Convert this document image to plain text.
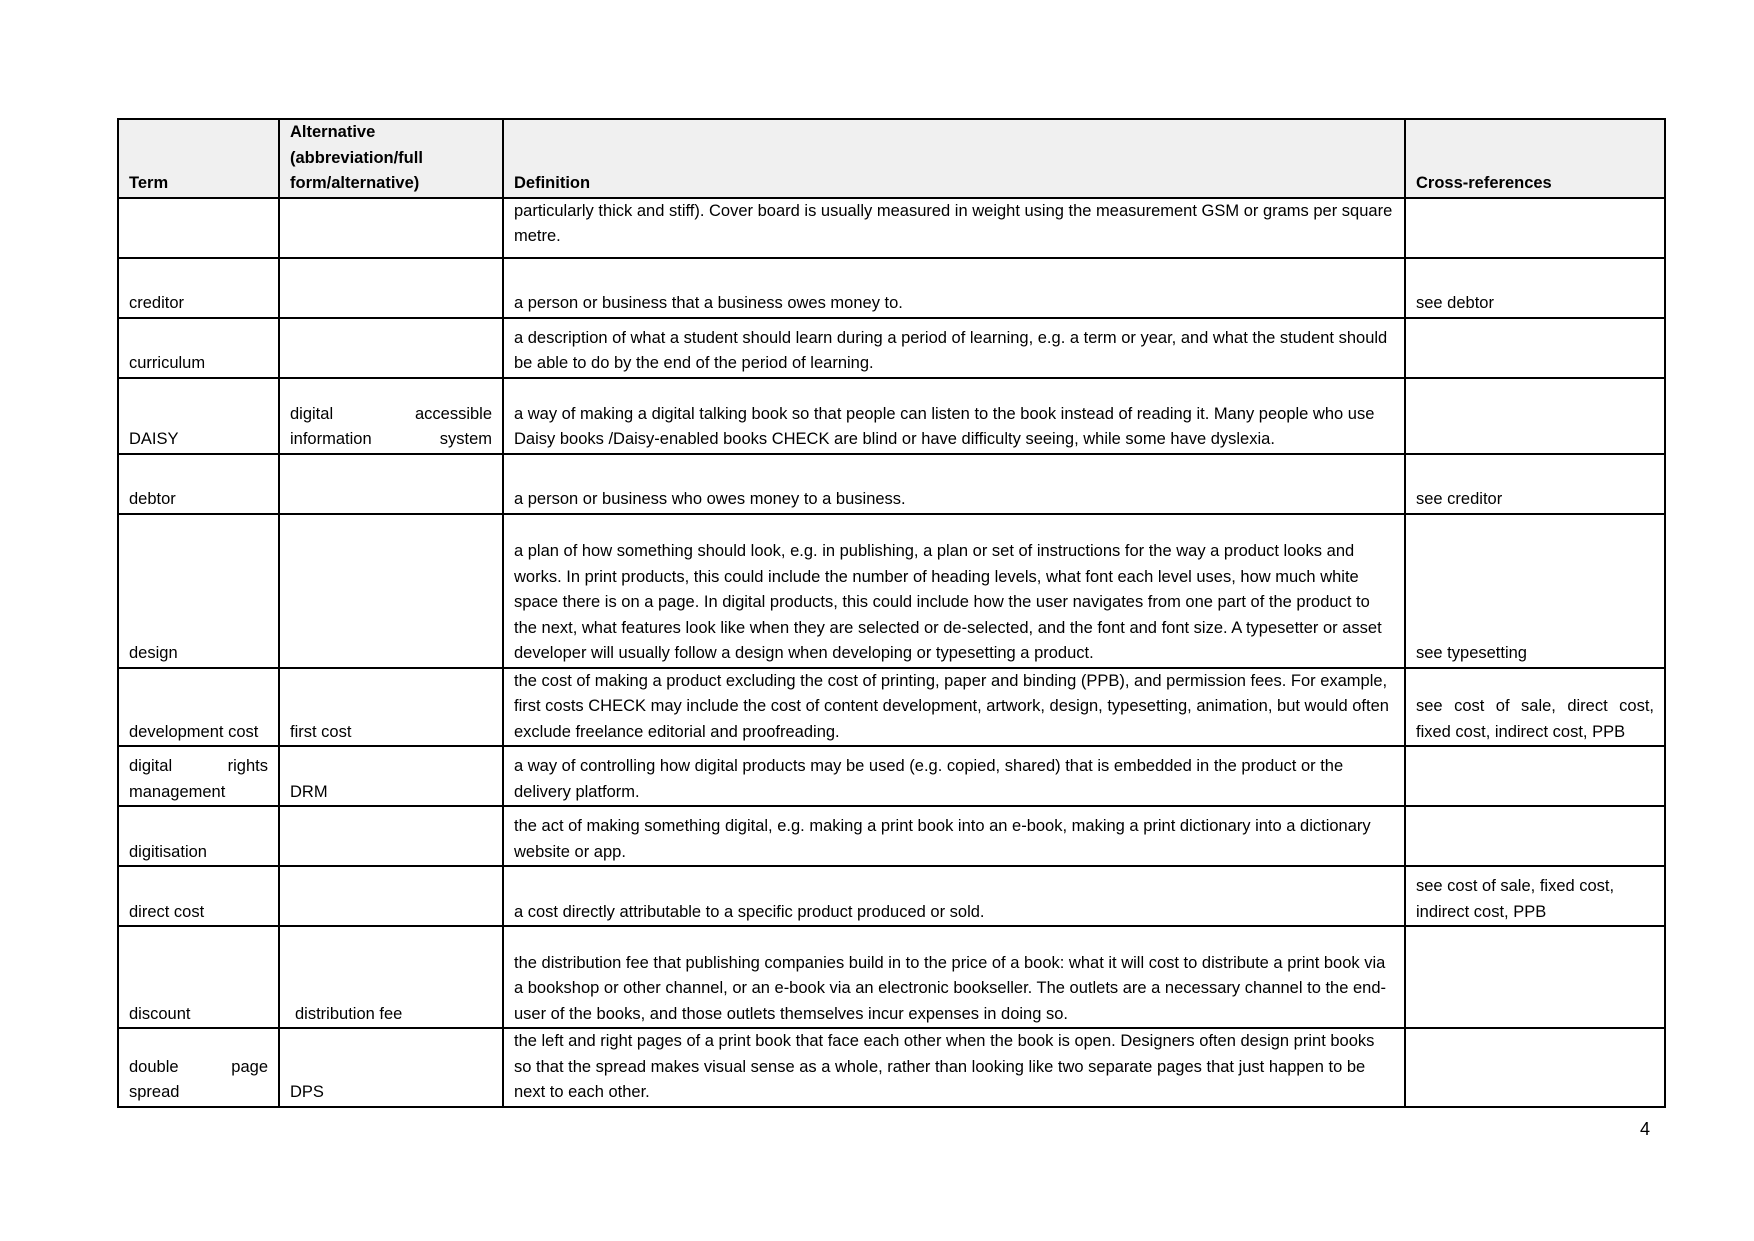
Term	Alternative (abbreviation/full form/alternative)	Definition	Cross-references
		particularly thick and stiff). Cover board is usually measured in weight using the measurement GSM or grams per square metre.	
creditor		a person or business that a business owes money to.	see debtor
curriculum		a description of what a student should learn during a period of learning, e.g. a term or year, and what the student should be able to do by the end of the period of learning.	
DAISY	digital accessible information system	a way of making a digital talking book so that people can listen to the book instead of reading it. Many people who use Daisy books /Daisy-enabled books CHECK are blind or have difficulty seeing, while some have dyslexia.	
debtor		a person or business who owes money to a business.	see creditor
design		a plan of how something should look, e.g. in publishing, a plan or set of instructions for the way a product looks and works. In print products, this could include the number of heading levels, what font each level uses, how much white space there is on a page. In digital products, this could include how the user navigates from one part of the product to the next, what features look like when they are selected or de-selected, and the font and font size. A typesetter or asset developer will usually follow a design when developing or typesetting a product.	see typesetting
development cost	first cost	the cost of making a product excluding the cost of printing, paper and binding (PPB), and permission fees. For example, first costs CHECK may include the cost of content development, artwork, design, typesetting, animation, but would often exclude freelance editorial and proofreading.	see cost of sale, direct cost, fixed cost, indirect cost, PPB
digital rights management	DRM	a way of controlling how digital products may be used (e.g. copied, shared) that is embedded in the product or the delivery platform.	
digitisation		the act of making something digital, e.g. making a print book into an e-book, making a print dictionary into a dictionary website or app.	
direct cost		a cost directly attributable to a specific product produced or sold.	see cost of sale, fixed cost, indirect cost, PPB
discount	distribution fee	the distribution fee that publishing companies build in to the price of a book: what it will cost to distribute a print book via a bookshop or other channel, or an e-book via an electronic bookseller. The outlets are a necessary channel to the end-user of the books, and those outlets themselves incur expenses in doing so.	
double page spread	DPS	the left and right pages of a print book that face each other when the book is open. Designers often design print books so that the spread makes visual sense as a whole, rather than looking like two separate pages that just happen to be next to each other.	
4
